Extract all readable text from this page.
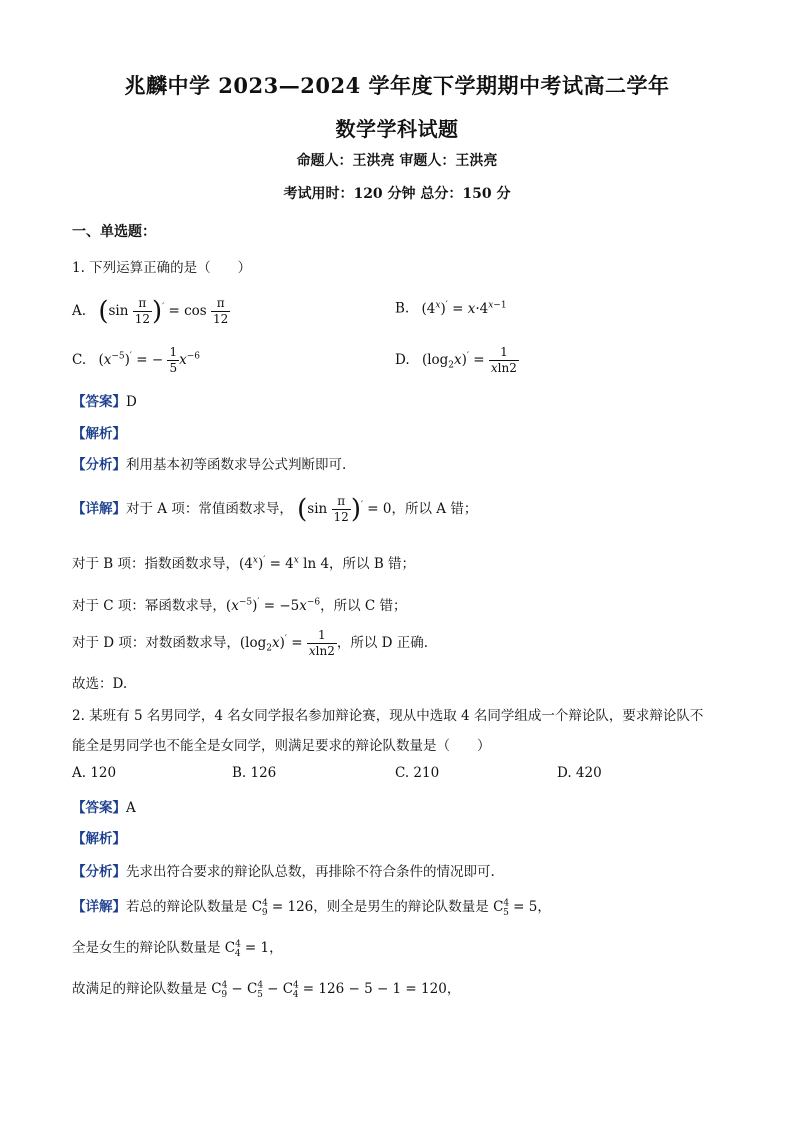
兆麟中学 2023—2024 学年度下学期期中考试高二学年
数学学科试题
命题人：王洪亮 审题人：王洪亮
考试用时：120 分钟 总分：150 分
一、单选题：
1. 下列运算正确的是（　　）
A. $(\sin \frac{\pi}{12} )' = \cos \frac{\pi}{12}$	B. $(4^x)' = x\cdot 4^{x-1}$
C. $(x^{-5})'$ = − $\frac{1}{5} x^{-6}$	D. $(\log_2x)' = \frac{1}{xln2}$
【答案】D
【解析】
【分析】利用基本初等函数求导公式判断即可.
【详解】对于 A 项：常值函数求导， $(\sin \frac{\pi}{12} )' = 0$，所以 A 错；
对于 B 项：指数函数求导，$(4^x)' = 4^x$ ln 4，所以 B 错；
对于 C 项：幂函数求导，$(x^{-5})' = -5x^{-6}$，所以 C 错；
对于 D 项：对数函数求导，$(\log_2x)' = \frac{1}{xln2}$ ，所以 D 正确.
故选：D.
2. 某班有 5 名男同学，4 名女同学报名参加辩论赛，现从中选取 4 名同学组成一个辩论队，要求辩论队不
能全是男同学也不能全是女同学，则满足要求的辩论队数量是（　　）
A. 120	B. 126	C. 210	D. 420
【答案】A
【解析】
【分析】先求出符合要求的辩论队总数，再排除不符合条件的情况即可.
【详解】若总的辩论队数量是 $C^4_9 = 126$，则全是男生的辩论队数量是 $C^4_5 = 5$，
全是女生的辩论队数量是 $C^4_4 = 1$，
故满足的辩论队数量是 $C^4_9 - C^4_5 - C^4_4 = 126 - 5 - 1 = 120$，
